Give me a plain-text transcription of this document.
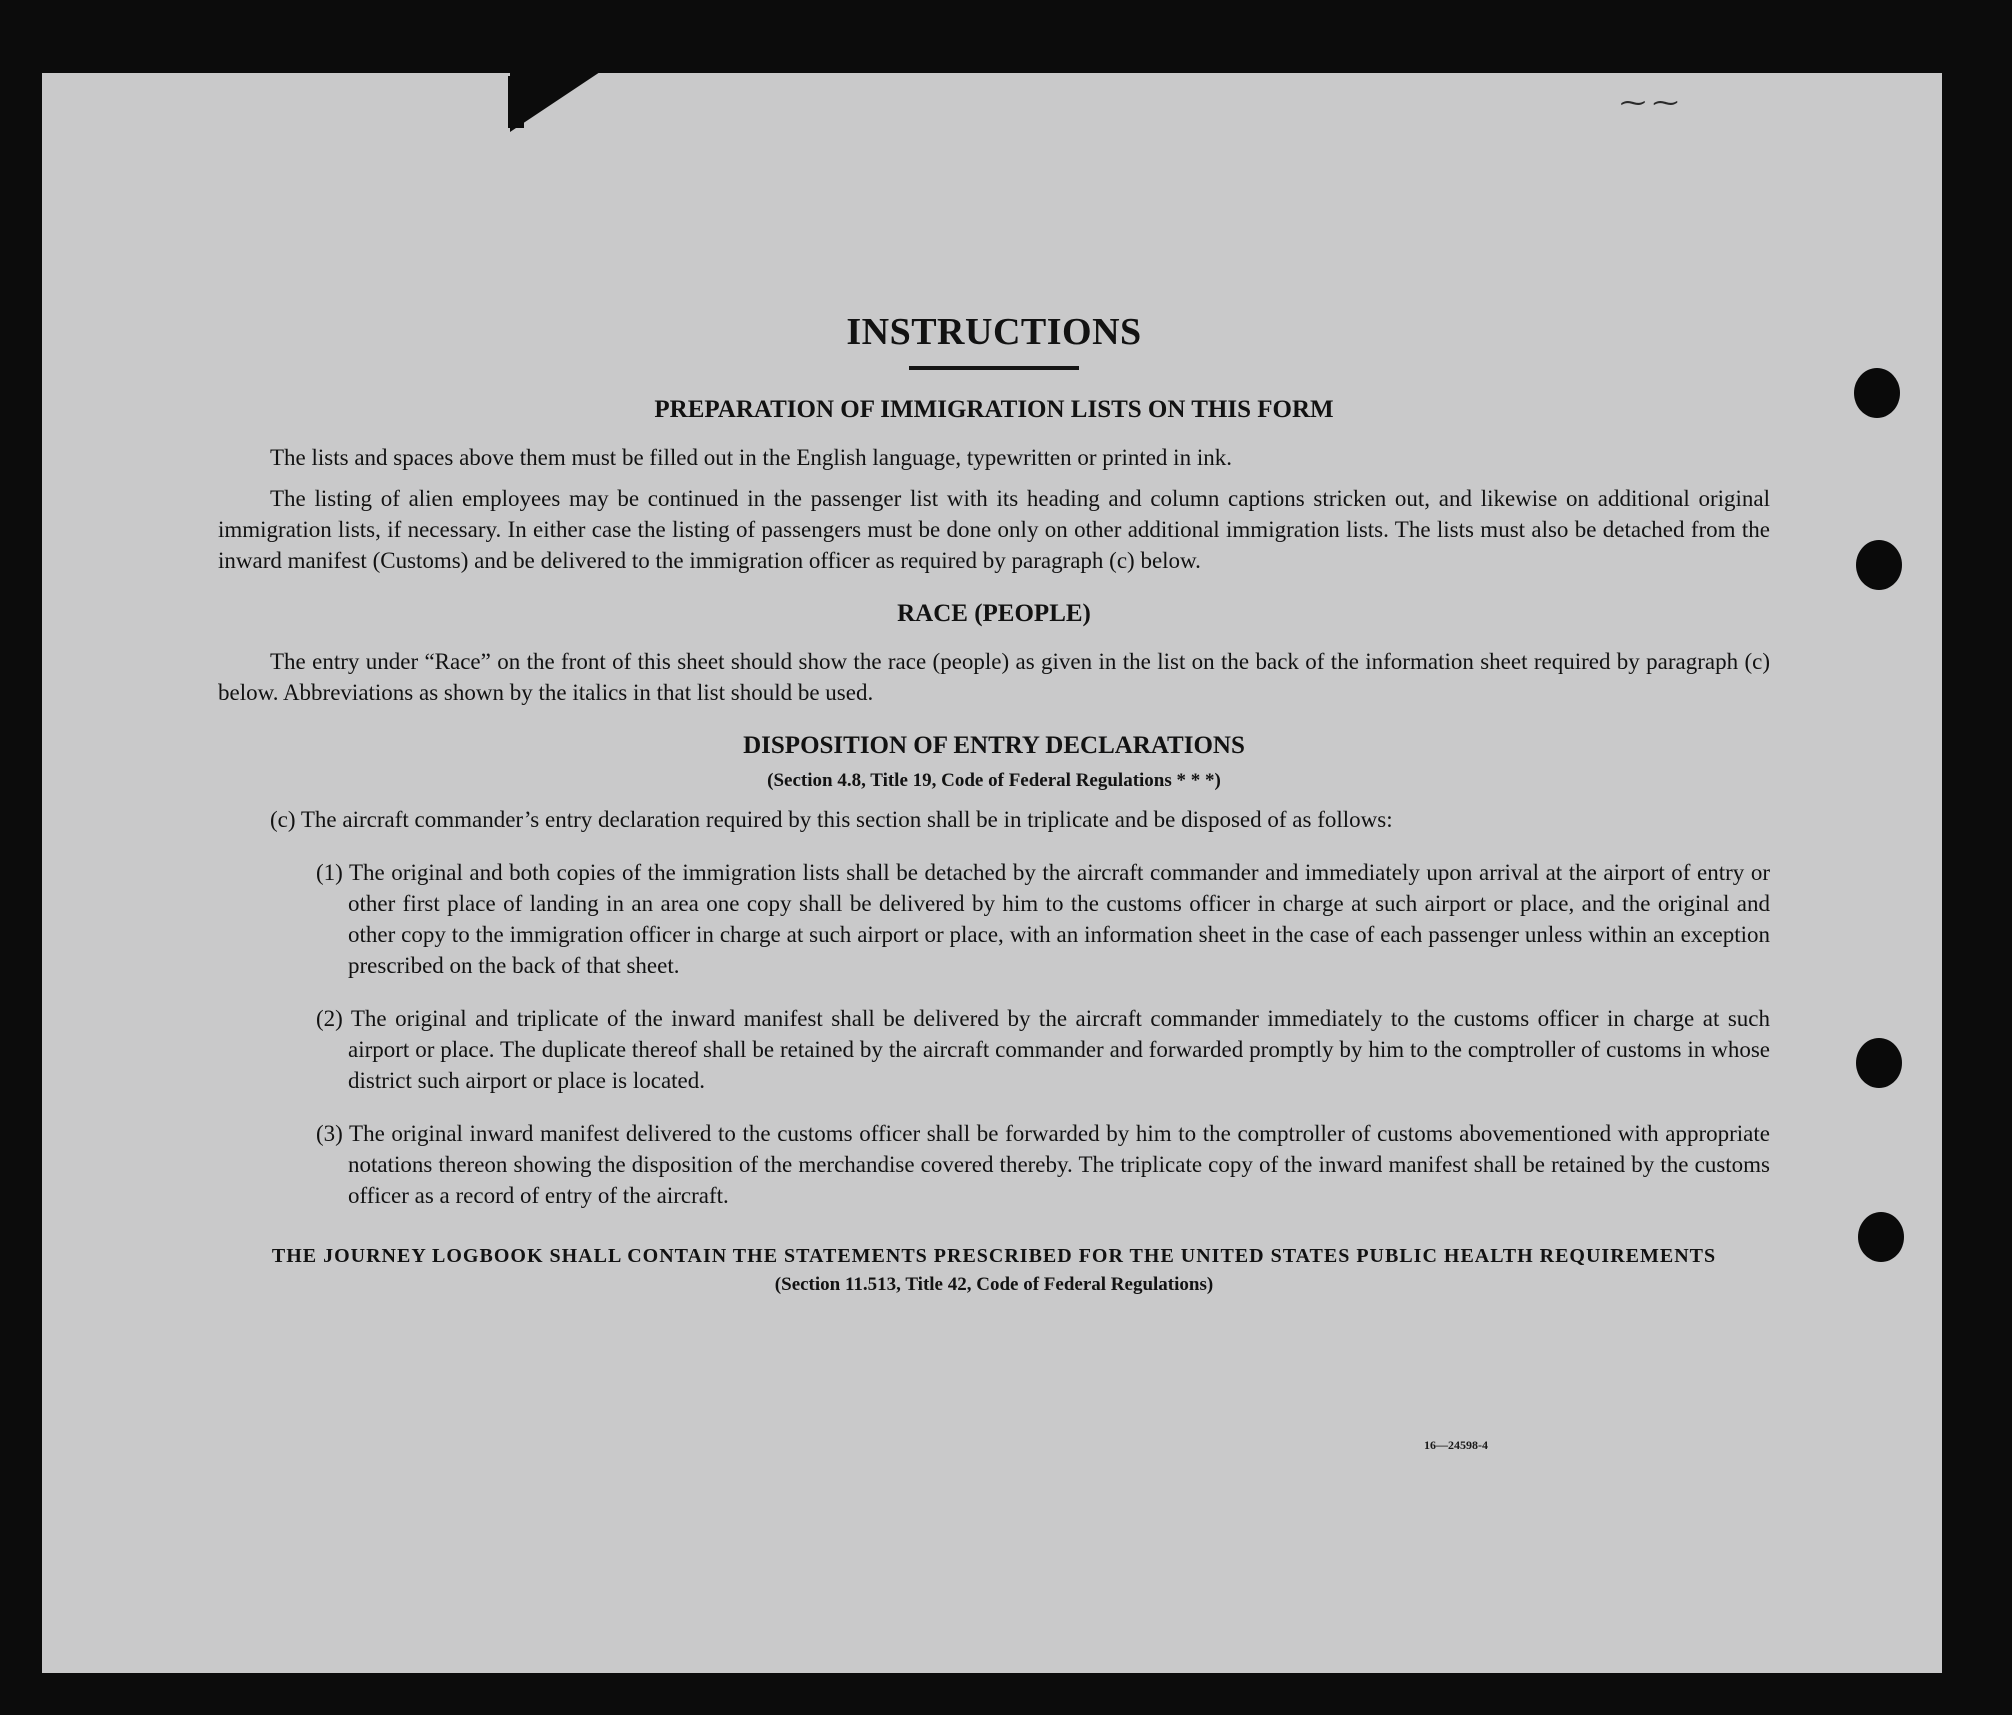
⁓ ⁓
INSTRUCTIONS
PREPARATION OF IMMIGRATION LISTS ON THIS FORM

The lists and spaces above them must be filled out in the English language, typewritten or printed in ink.

The listing of alien employees may be continued in the passenger list with its heading and column captions stricken out, and likewise on additional original immigration lists, if necessary. In either case the listing of passengers must be done only on other additional immigration lists. The lists must also be detached from the inward manifest (Customs) and be delivered to the immigration officer as required by paragraph (c) below.

RACE (PEOPLE)

The entry under “Race” on the front of this sheet should show the race (people) as given in the list on the back of the information sheet required by paragraph (c) below. Abbreviations as shown by the italics in that list should be used.

DISPOSITION OF ENTRY DECLARATIONS
(Section 4.8, Title 19, Code of Federal Regulations * * *)
(c) The aircraft commander’s entry declaration required by this section shall be in triplicate and be disposed of as follows:
(1) The original and both copies of the immigration lists shall be detached by the aircraft commander and immediately upon arrival at the airport of entry or other first place of landing in an area one copy shall be delivered by him to the customs officer in charge at such airport or place, and the original and other copy to the immigration officer in charge at such airport or place, with an information sheet in the case of each passenger unless within an exception prescribed on the back of that sheet.
(2) The original and triplicate of the inward manifest shall be delivered by the aircraft commander immediately to the customs officer in charge at such airport or place. The duplicate thereof shall be retained by the aircraft commander and forwarded promptly by him to the comptroller of customs in whose district such airport or place is located.
(3) The original inward manifest delivered to the customs officer shall be forwarded by him to the comptroller of customs abovementioned with appropriate notations thereon showing the disposition of the merchandise covered thereby. The triplicate copy of the inward manifest shall be retained by the customs officer as a record of entry of the aircraft.
THE JOURNEY LOGBOOK SHALL CONTAIN THE STATEMENTS PRESCRIBED FOR THE UNITED STATES PUBLIC HEALTH REQUIREMENTS
(Section 11.513, Title 42, Code of Federal Regulations)
16—24598-4
